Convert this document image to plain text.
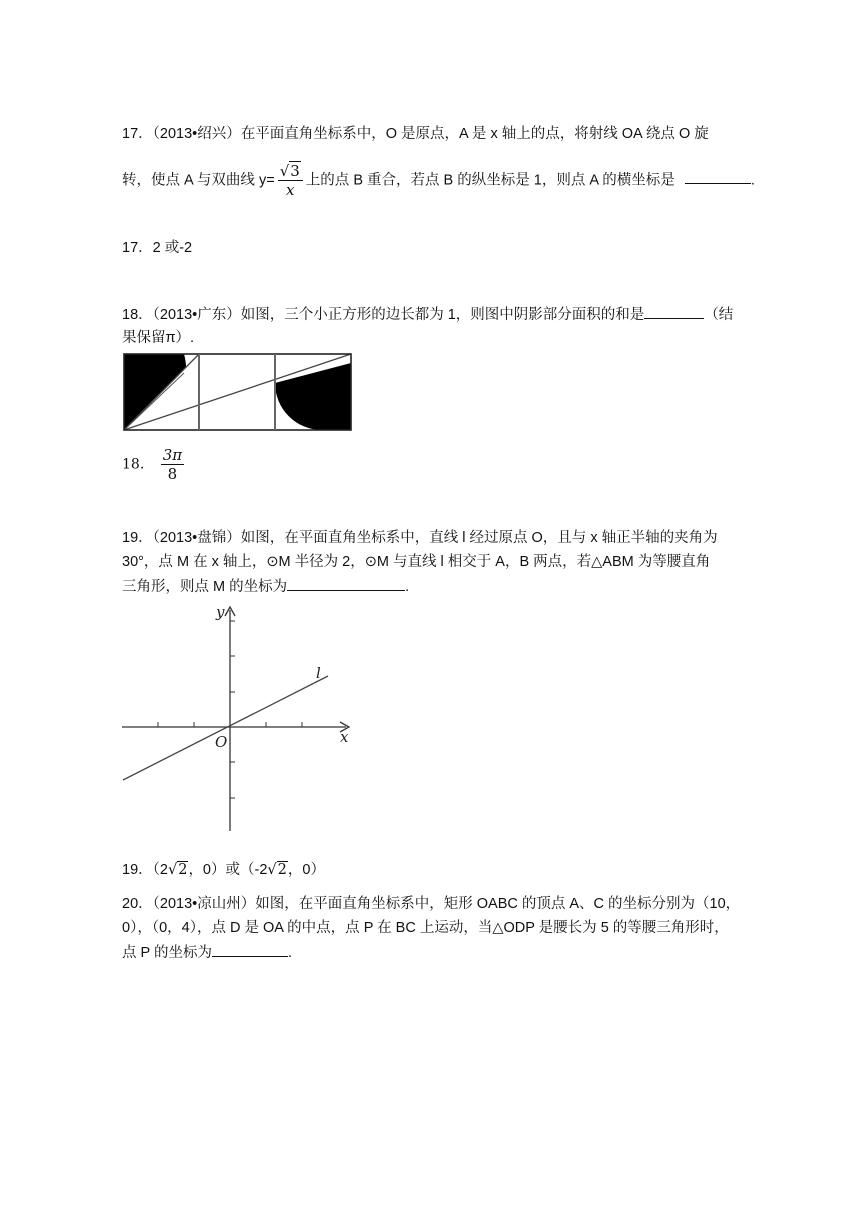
17．（2013•绍兴）在平面直角坐标系中，O 是原点，A 是 x 轴上的点，将射线 OA 绕点 O 旋
转，使点 A 与双曲线 $y= \frac{√3}{x}$ 上的点 B 重合，若点 B 的纵坐标是 1，则点 A 的横坐标是	.
17．2 或-2
18．（2013•广东）如图，三个小正方形的边长都为 1，则图中阴影部分面积的和是	（结
果保留π）.
18. $\frac{3\pi}{8}$
19．（2013•盘锦）如图，在平面直角坐标系中，直线 l 经过原点 O，且与 x 轴正半轴的夹角为
30°，点 M 在 x 轴上，⊙M 半径为 2，⊙M 与直线 l 相交于 A，B 两点，若△ABM 为等腰直角
三角形，则点 M 的坐标为	.
y
x
O
l
19．（2√2，0）或（-2√2，0）
20．（2013•凉山州）如图，在平面直角坐标系中，矩形 OABC 的顶点 A、C 的坐标分别为（10，
0），（0，4），点 D 是 OA 的中点，点 P 在 BC 上运动，当△ODP 是腰长为 5 的等腰三角形时，
点 P 的坐标为	.
